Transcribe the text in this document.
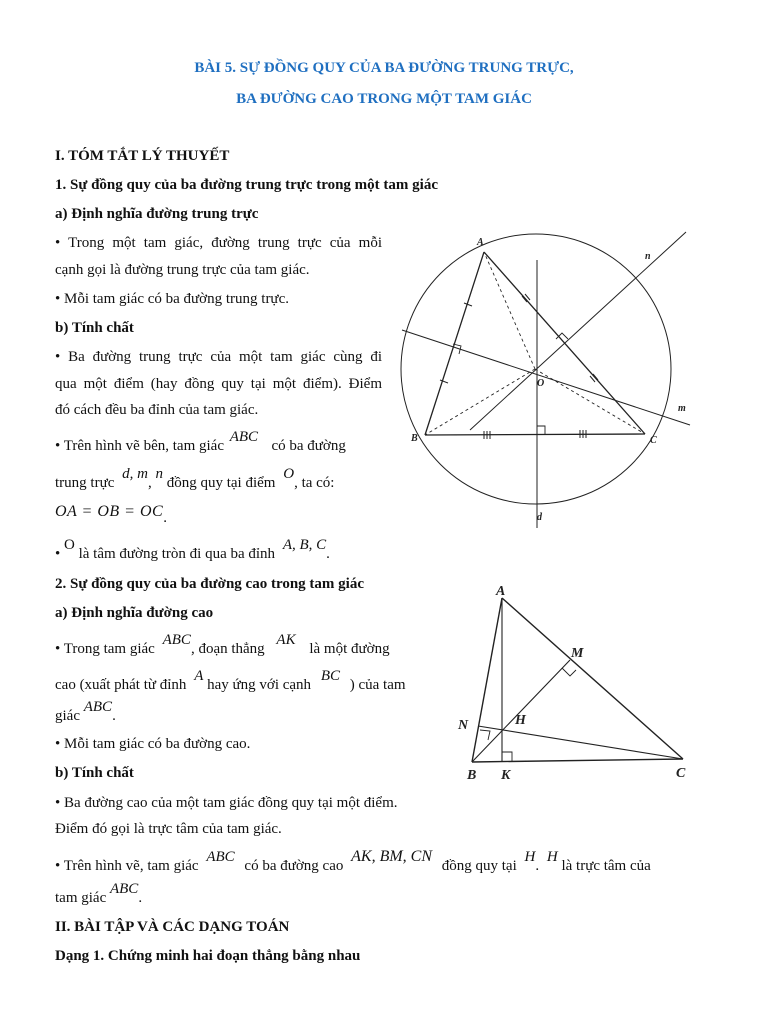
BÀI 5. SỰ ĐỒNG QUY CỦA BA ĐƯỜNG TRUNG TRỰC,
BA ĐƯỜNG CAO TRONG MỘT TAM GIÁC
I. TÓM TẮT LÝ THUYẾT
1. Sự đồng quy của ba đường trung trực trong một tam giác
a) Định nghĩa đường trung trực
• Trong một tam giác, đường trung trực của mỗi
cạnh gọi là đường trung trực của tam giác.
• Mỗi tam giác có ba đường trung trực.
b) Tính chất
• Ba đường trung trực của một tam giác cùng đi
qua một điểm (hay đồng quy tại một điểm). Điểm
đó cách đều ba đỉnh của tam giác.
• Trên hình vẽ bên, tam giác ABC có ba đường
trung trực d, m, n đồng quy tại điểm O, ta có:
OA = OB = OC.
• O là tâm đường tròn đi qua ba đỉnh A, B, C.
2. Sự đồng quy của ba đường cao trong tam giác
a) Định nghĩa đường cao
• Trong tam giác ABC, đoạn thẳng AK là một đường
cao (xuất phát từ đỉnh A hay ứng với cạnh BC ) của tam
giác ABC.
• Mỗi tam giác có ba đường cao.
b) Tính chất
• Ba đường cao của một tam giác đồng quy tại một điểm.
Điểm đó gọi là trực tâm của tam giác.
• Trên hình vẽ, tam giác ABC có ba đường cao AK, BM, CN đồng quy tại H. H là trực tâm của
tam giác ABC.
II. BÀI TẬP VÀ CÁC DẠNG TOÁN
Dạng 1. Chứng minh hai đoạn thẳng bằng nhau
A
B	C
O
d
m
n
A
B	C
K
H
M
N
